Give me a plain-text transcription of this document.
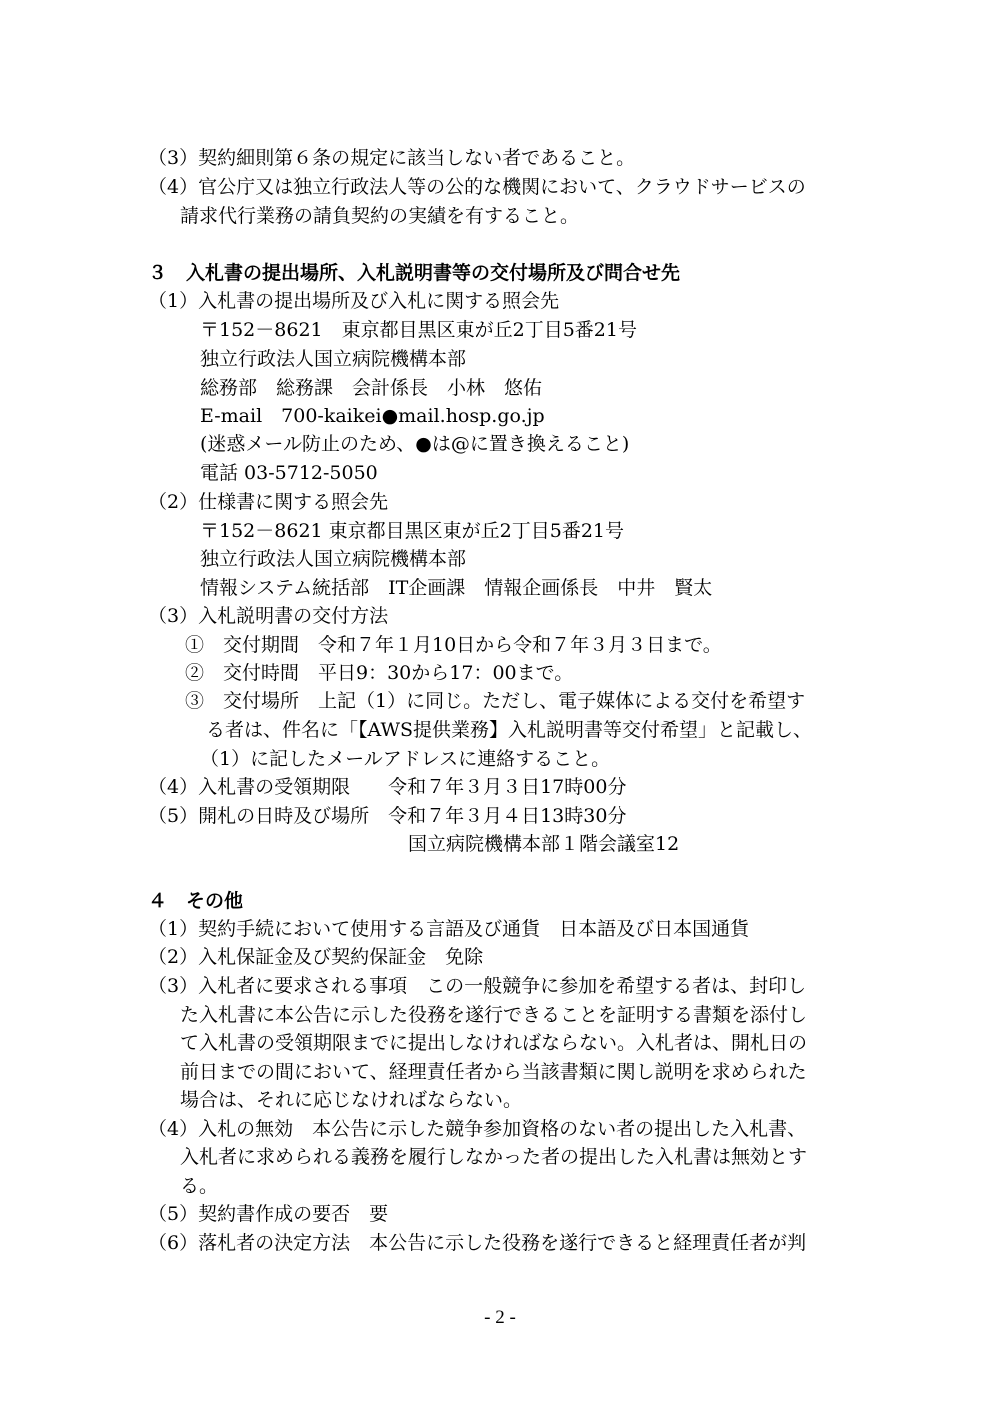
（3）契約細則第６条の規定に該当しない者であること。
（4）官公庁又は独立行政法人等の公的な機関において、クラウドサービスの
請求代行業務の請負契約の実績を有すること。
３　入札書の提出場所、入札説明書等の交付場所及び問合せ先
（1）入札書の提出場所及び入札に関する照会先
〒152－8621　東京都目黒区東が丘2丁目5番21号
独立行政法人国立病院機構本部
総務部　総務課　会計係長　小林　悠佑
E-mail　700-kaikei●mail.hosp.go.jp
(迷惑メール防止のため、●は@に置き換えること)
電話 03-5712-5050
（2）仕様書に関する照会先
〒152－8621 東京都目黒区東が丘2丁目5番21号
独立行政法人国立病院機構本部
情報システム統括部　IT企画課　情報企画係長　中井　賢太
（3）入札説明書の交付方法
①　交付期間　令和７年１月10日から令和７年３月３日まで。
②　交付時間　平日9：30から17：00まで。
③　交付場所　上記（1）に同じ。ただし、電子媒体による交付を希望す
る者は、件名に「【AWS提供業務】入札説明書等交付希望」と記載し、
（1）に記したメールアドレスに連絡すること。
（4）入札書の受領期限　　令和７年３月３日17時00分
（5）開札の日時及び場所　令和７年３月４日13時30分
国立病院機構本部１階会議室12
４　その他
（1）契約手続において使用する言語及び通貨　日本語及び日本国通貨
（2）入札保証金及び契約保証金　免除
（3）入札者に要求される事項　この一般競争に参加を希望する者は、封印し
た入札書に本公告に示した役務を遂行できることを証明する書類を添付し
て入札書の受領期限までに提出しなければならない。入札者は、開札日の
前日までの間において、経理責任者から当該書類に関し説明を求められた
場合は、それに応じなければならない。
（4）入札の無効　本公告に示した競争参加資格のない者の提出した入札書、
入札者に求められる義務を履行しなかった者の提出した入札書は無効とす
る。
（5）契約書作成の要否　要
（6）落札者の決定方法　本公告に示した役務を遂行できると経理責任者が判
- 2 -
